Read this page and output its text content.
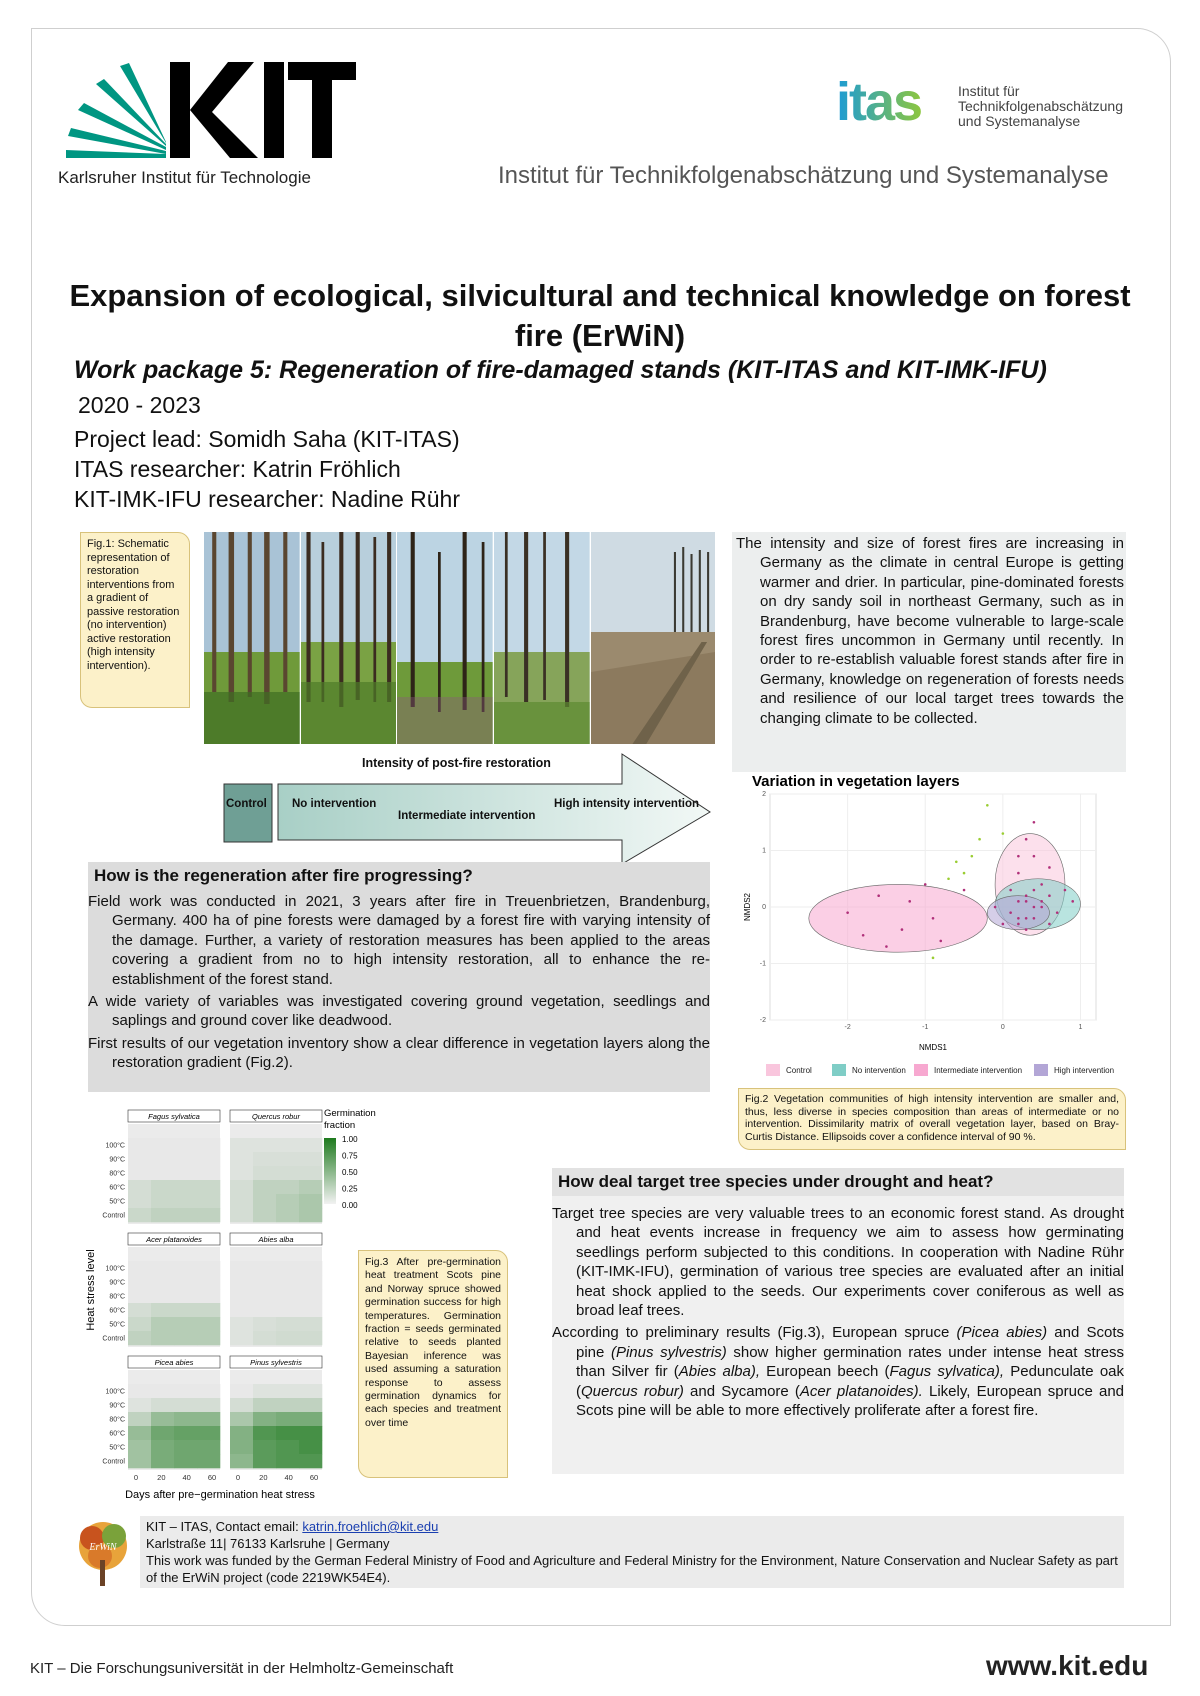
Karlsruher Institut für Technologie
itas	Institut für
Technikfolgenabschätzung
und Systemanalyse
Institut für Technikfolgenabschätzung und Systemanalyse
Expansion of ecological, silvicultural and technical knowledge on forest fire (ErWiN)
Work package 5: Regeneration of fire-damaged stands (KIT-ITAS and KIT-IMK-IFU)
2020 - 2023
Project lead: Somidh Saha (KIT-ITAS)
ITAS researcher: Katrin Fröhlich
KIT-IMK-IFU researcher: Nadine Rühr
Fig.1: Schematic representation of restoration interventions from a gradient of passive restoration (no intervention) active restoration (high intensity intervention).
Intensity of post-fire restoration
Control No intervention
Intermediate intervention
High intensity intervention

The intensity and size of forest fires are increasing in Germany as the climate in central Europe is getting warmer and drier. In particular, pine-dominated forests on dry sandy soil in northeast Germany, such as in Brandenburg, have become vulnerable to large-scale forest fires uncommon in Germany until recently. In order to re-establish valuable forest stands after fire in Germany, knowledge on regeneration of forests needs and resilience of our local target trees towards the changing climate to be collected.

How is the regeneration after fire progressing?

Field work was conducted in 2021, 3 years after fire in Treuenbrietzen, Brandenburg, Germany. 400 ha of pine forests were damaged by a forest fire with varying intensity of the damage. Further, a variety of restoration measures has been applied to the areas covering a gradient from no to high intensity restoration, all to enhance the re-establishment of the forest stand.

A wide variety of variables was investigated covering ground vegetation, seedlings and saplings and ground cover like deadwood.

First results of our vegetation inventory show a clear difference in vegetation layers along the restoration gradient (Fig.2).

Variation in vegetation layers
-2	-1	0	1
-2
-1
0
1
2
NMDS1
NMDS2
Control	No intervention	Intermediate intervention	High intervention
Fig.2 Vegetation communities of high intensity intervention are smaller and, thus, less diverse in species composition than areas of intermediate or no intervention. Dissimilarity matrix of overall vegetation layer, based on Bray-Curtis Distance. Ellipsoids cover a confidence interval of 90 %.
Fagus sylvatica
100°C
90°C
80°C
60°C
50°C
Control
Quercus robur
Acer platanoides
100°C
90°C
80°C
60°C
50°C
Control
Abies alba
Picea abies
100°C
90°C
80°C
60°C
50°C
Control
0	20 40 60
Pinus sylvestris
0	20 40 60
Germination
fraction
1.00
0.75
0.50
0.25
0.00
Heat stress level
Days after pre−germination heat stress
Fig.3 After pre-germination heat treatment Scots pine and Norway spruce showed germination success for high temperatures. Germination fraction = seeds germinated relative to seeds planted Bayesian inference was used assuming a saturation response to assess germination dynamics for each species and treatment over time
How deal target tree species under drought and heat?

Target tree species are very valuable trees to an economic forest stand. As drought and heat events increase in frequency we aim to assess how germinating seedlings perform subjected to this conditions. In cooperation with Nadine Rühr (KIT-IMK-IFU), germination of various tree species are evaluated after an initial heat shock applied to the seeds. Our experiments cover coniferous as well as broad leaf trees.

According to preliminary results (Fig.3), European spruce (Picea abies) and Scots pine (Pinus sylvestris) show higher germination rates under intense heat stress than Silver fir (Abies alba), European beech (Fagus sylvatica), Pedunculate oak (Quercus robur) and Sycamore (Acer platanoides). Likely, European spruce and Scots pine will be able to more effectively proliferate after a forest fire.

ErWiN
KIT – ITAS, Contact email: katrin.froehlich@kit.edu
Karlstraße 11| 76133 Karlsruhe | Germany
This work was funded by the German Federal Ministry of Food and Agriculture and Federal Ministry for the Environment, Nature Conservation and Nuclear Safety as part of the ErWiN project (code 2219WK54E4).
KIT – Die Forschungsuniversität in der Helmholtz-Gemeinschaft	www.kit.edu
